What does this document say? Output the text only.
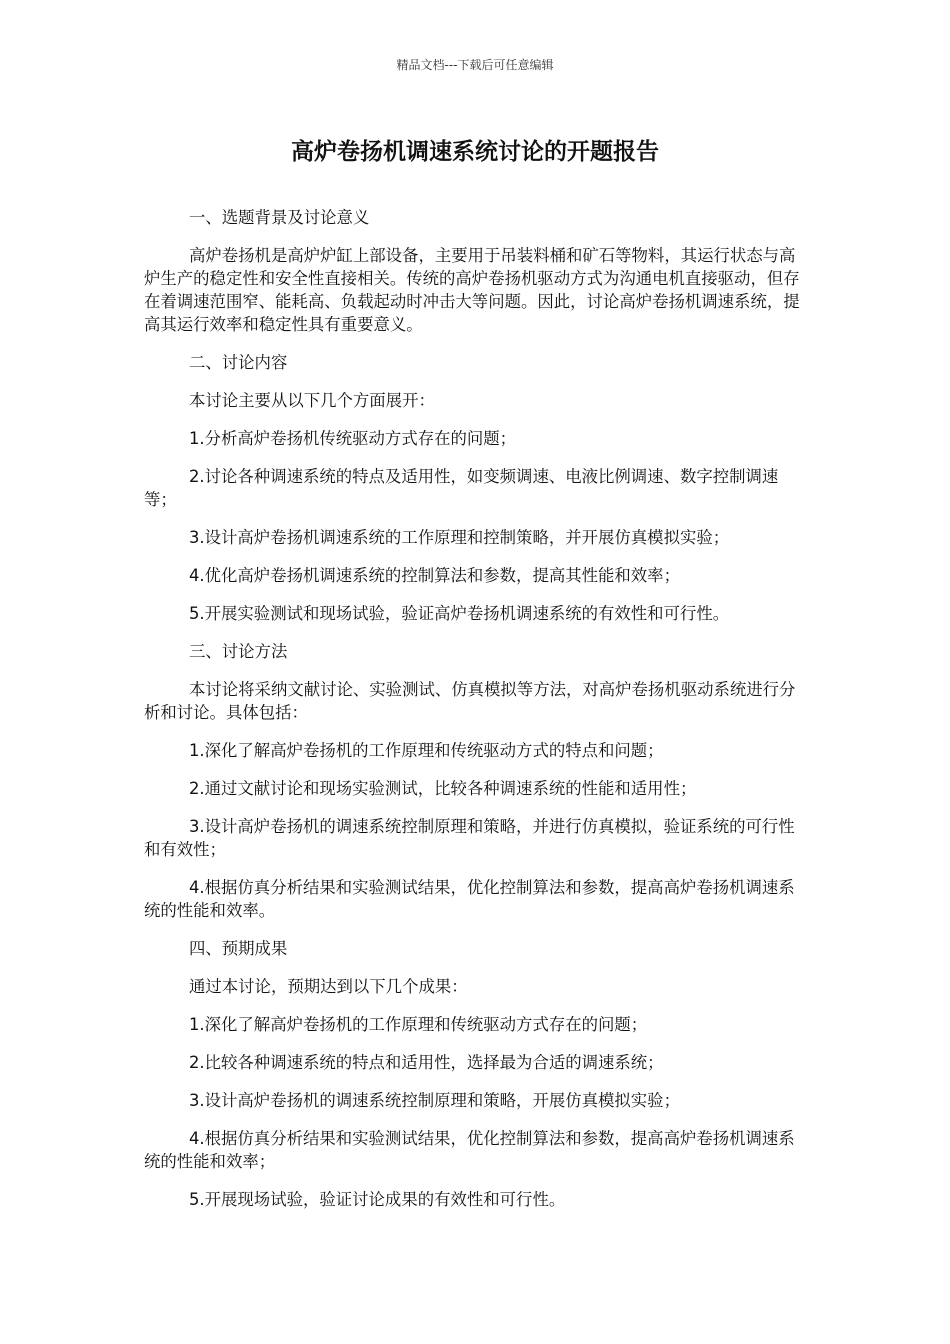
精品文档---下载后可任意编辑
高炉卷扬机调速系统讨论的开题报告

一、选题背景及讨论意义

高炉卷扬机是高炉炉缸上部设备，主要用于吊装料桶和矿石等物料，其运行状态与高炉生产的稳定性和安全性直接相关。传统的高炉卷扬机驱动方式为沟通电机直接驱动，但存在着调速范围窄、能耗高、负载起动时冲击大等问题。因此，讨论高炉卷扬机调速系统，提高其运行效率和稳定性具有重要意义。

二、讨论内容

本讨论主要从以下几个方面展开：

1.分析高炉卷扬机传统驱动方式存在的问题；

2.讨论各种调速系统的特点及适用性，如变频调速、电液比例调速、数字控制调速等；

3.设计高炉卷扬机调速系统的工作原理和控制策略，并开展仿真模拟实验；

4.优化高炉卷扬机调速系统的控制算法和参数，提高其性能和效率；

5.开展实验测试和现场试验，验证高炉卷扬机调速系统的有效性和可行性。

三、讨论方法

本讨论将采纳文献讨论、实验测试、仿真模拟等方法，对高炉卷扬机驱动系统进行分析和讨论。具体包括：

1.深化了解高炉卷扬机的工作原理和传统驱动方式的特点和问题；

2.通过文献讨论和现场实验测试，比较各种调速系统的性能和适用性；

3.设计高炉卷扬机的调速系统控制原理和策略，并进行仿真模拟，验证系统的可行性和有效性；

4.根据仿真分析结果和实验测试结果，优化控制算法和参数，提高高炉卷扬机调速系统的性能和效率。

四、预期成果

通过本讨论，预期达到以下几个成果：

1.深化了解高炉卷扬机的工作原理和传统驱动方式存在的问题；

2.比较各种调速系统的特点和适用性，选择最为合适的调速系统；

3.设计高炉卷扬机的调速系统控制原理和策略，开展仿真模拟实验；

4.根据仿真分析结果和实验测试结果，优化控制算法和参数，提高高炉卷扬机调速系统的性能和效率；

5.开展现场试验，验证讨论成果的有效性和可行性。
